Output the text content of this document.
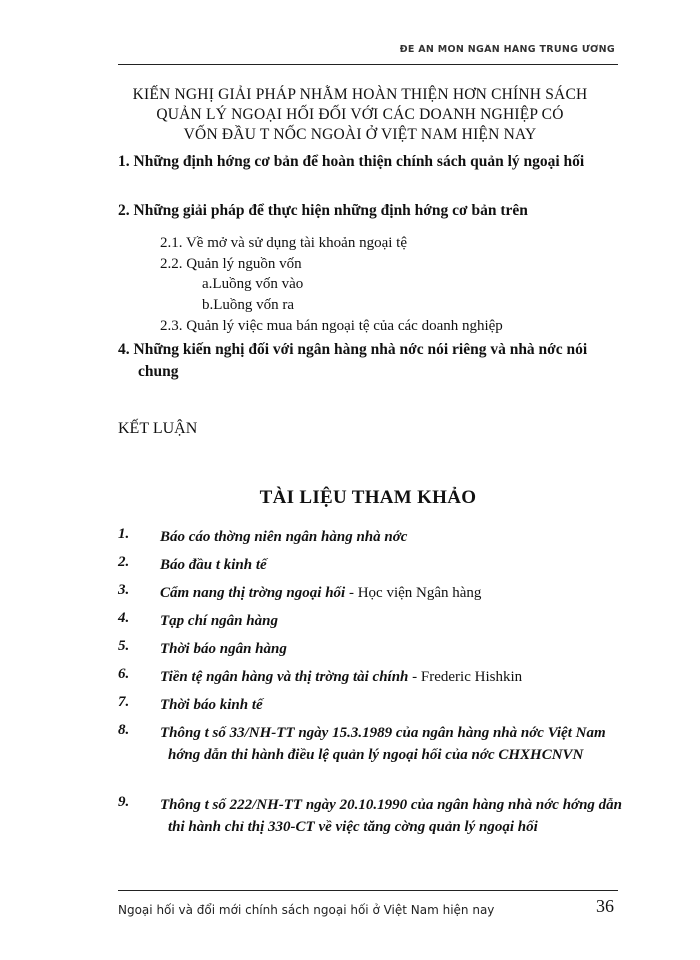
ĐỀ ÁN MÔN NGÂN HÀNG TRUNG ƯƠNG
KIẾN NGHỊ GIẢI PHÁP NHẰM HOÀN THIỆN HƠN CHÍNH SÁCH
QUẢN LÝ NGOẠI HỐI ĐỐI VỚI CÁC DOANH NGHIỆP CÓ
VỐN ĐẦU T NỐC NGOÀI Ở VIỆT NAM HIỆN NAY
1. Những định hớng cơ bản để hoàn thiện chính sách quản lý ngoại hối
2. Những giải pháp để thực hiện những định hớng cơ bản trên
2.1. Về mở và sử dụng tài khoản ngoại tệ
2.2. Quản lý nguồn vốn
a.Luồng vốn vào
b.Luồng vốn ra
2.3. Quản lý việc mua bán ngoại tệ của các doanh nghiệp
4. Những kiến nghị đối với ngân hàng nhà nớc nói riêng và nhà nớc nói chung
KẾT LUẬN
TÀI LIỆU THAM KHẢO
1. Báo cáo thờng niên ngân hàng nhà nớc
2. Báo đầu t kinh tế
3. Cẩm nang thị trờng ngoại hối - Học viện Ngân hàng
4. Tạp chí ngân hàng
5. Thời báo ngân hàng
6. Tiền tệ ngân hàng và thị trờng tài chính - Frederic Hishkin
7. Thời báo kinh tế
8. Thông t số 33/NH-TT ngày 15.3.1989 của ngân hàng nhà nớc Việt Nam hớng dẫn thi hành điều lệ quản lý ngoại hối của nớc CHXHCNVN
9. Thông t số 222/NH-TT ngày 20.10.1990 của ngân hàng nhà nớc hớng dẫn thi hành chỉ thị 330-CT về việc tăng cờng quản lý ngoại hối
Ngoại hối và đổi mới chính sách ngoại hối ở Việt Nam hiện nay	36
